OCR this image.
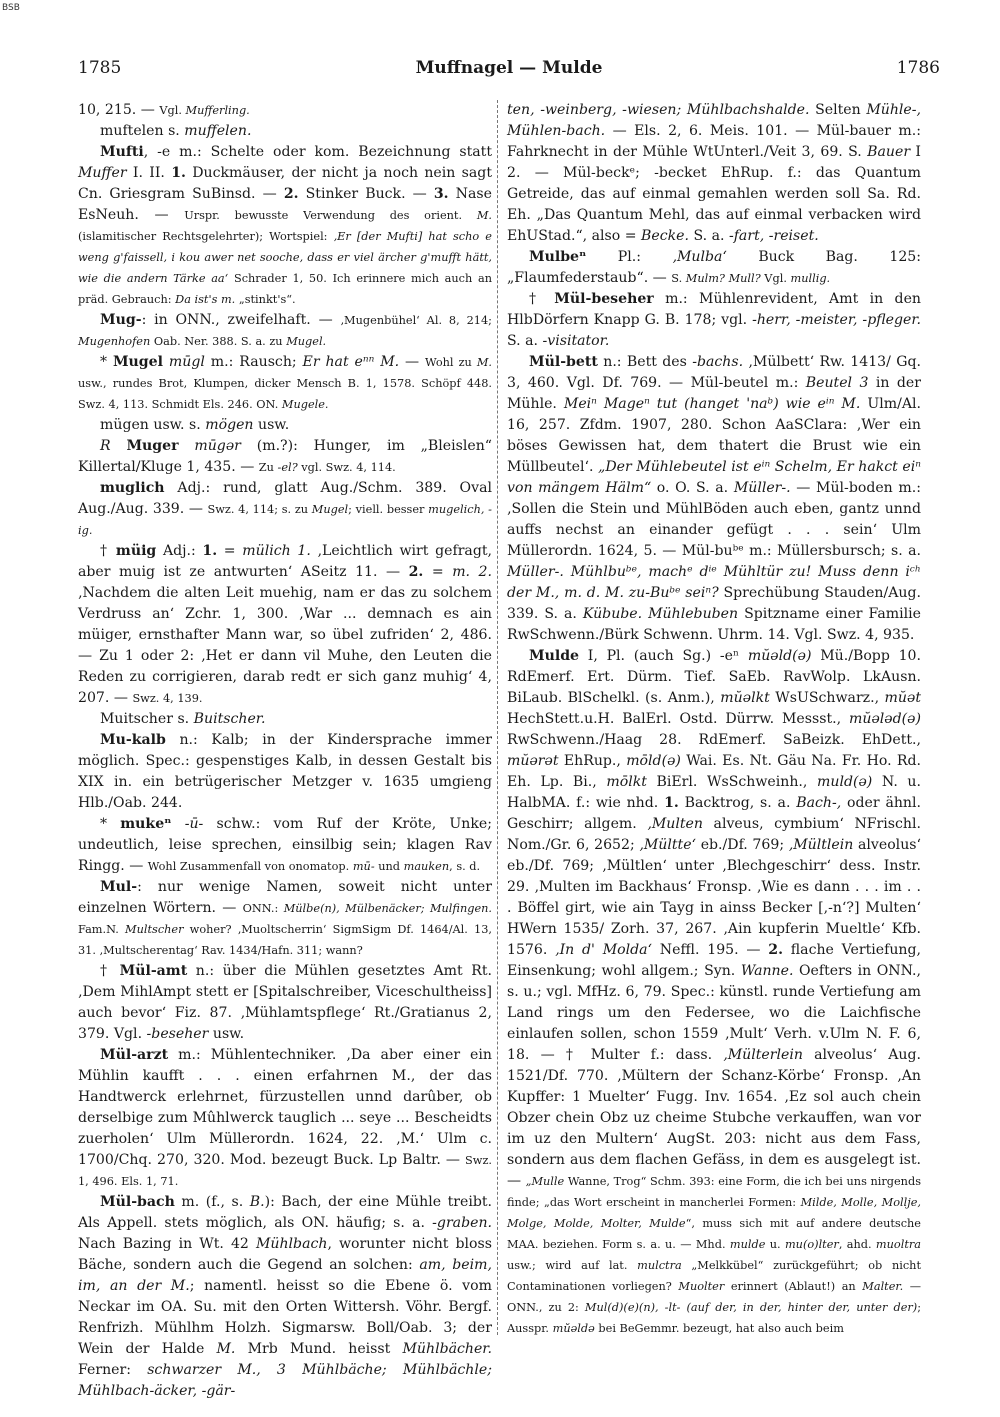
BSB
1785	Muffnagel — Mulde	1786

10, 215. — Vgl. Mufferling.

muftelen s. muffelen.

Mufti, -e m.: Schelte oder kom. Bezeichnung statt Muffer I. II. 1. Duckmäuser, der nicht ja noch nein sagt Cn. Griesgram SuBinsd. — 2. Stinker Buck. — 3. Nase EsNeuh. — Urspr. bewusste Verwendung des orient. M. (islamitischer Rechtsgelehrter); Wortspiel: ‚Er [der Mufti] hat scho e weng g'faissell, i kou awer net sooche, dass er viel ärcher g'mufft hätt, wie die andern Tärke aa‘ Schrader 1, 50. Ich erinnere mich auch an präd. Gebrauch: Da ist's m. „stinkt's“.

Mug-: in ONN., zweifelhaft. — ‚Mugenbühel‘ Al. 8, 214; Mugenhofen Oab. Ner. 388. S. a. zu Mugel.

* Mugel mūgl m.: Rausch; Er hat eⁿⁿ M. — Wohl zu M. usw., rundes Brot, Klumpen, dicker Mensch B. 1, 1578. Schöpf 448. Swz. 4, 113. Schmidt Els. 246. ON. Mugele.

mügen usw. s. mögen usw.

R Muger mūgər (m.?): Hunger, im „Bleislen“ Killertal/Kluge 1, 435. — Zu -el? vgl. Swz. 4, 114.

muglich Adj.: rund, glatt Aug./Schm. 389. Oval Aug./Aug. 339. — Swz. 4, 114; s. zu Mugel; viell. besser mugelich, -ig.

† müig Adj.: 1. = mülich 1. ‚Leichtlich wirt gefragt, aber muig ist ze antwurten‘ ASeitz 11. — 2. = m. 2. ‚Nachdem die alten Leit muehig, nam er das zu solchem Verdruss an‘ Zchr. 1, 300. ‚War ... demnach es ain müiger, ernsthafter Mann war, so übel zufriden‘ 2, 486. — Zu 1 oder 2: ‚Het er dann vil Muhe, den Leuten die Reden zu corrigieren, darab redt er sich ganz muhig‘ 4, 207. — Swz. 4, 139.

Muitscher s. Buitscher.

Mu-kalb n.: Kalb; in der Kindersprache immer möglich. Spec.: gespenstiges Kalb, in dessen Gestalt bis XIX in. ein betrügerischer Metzger v. 1635 umgieng Hlb./Oab. 244.

* mukeⁿ -ū- schw.: vom Ruf der Kröte, Unke; undeutlich, leise sprechen, einsilbig sein; klagen Rav Ringg. — Wohl Zusammenfall von onomatop. mū- und mauken, s. d.

Mul-: nur wenige Namen, soweit nicht unter einzelnen Wörtern. — ONN.: Mülbe(n), Mülbenäcker; Mulfingen. Fam.N. Multscher woher? ‚Muoltscherrin‘ SigmSigm Df. 1464/Al. 13, 31. ‚Multscherentag‘ Rav. 1434/Hafn. 311; wann?

† Mül-amt n.: über die Mühlen gesetztes Amt Rt. ‚Dem MihlAmpt stett er [Spitalschreiber, Viceschultheiss] auch bevor‘ Fiz. 87. ‚Mühlamtspflege‘ Rt./Gratianus 2, 379. Vgl. -beseher usw.

Mül-arzt m.: Mühlentechniker. ‚Da aber einer ein Mühlin kaufft . . . einen erfahrnen M., der das Handtwerck erlehrnet, fürzustellen unnd darûber, ob derselbige zum Mûhlwerck tauglich ... seye ... Bescheidts zuerholen‘ Ulm Müllerordn. 1624, 22. ‚M.‘ Ulm c. 1700/Chq. 270, 320. Mod. bezeugt Buck. Lp Baltr. — Swz. 1, 496. Els. 1, 71.

Mül-bach m. (f., s. B.): Bach, der eine Mühle treibt. Als Appell. stets möglich, als ON. häufig; s. a. -graben. Nach Bazing in Wt. 42 Mühlbach, worunter nicht bloss Bäche, sondern auch die Gegend an solchen: am, beim, im, an der M.; namentl. heisst so die Ebene ö. vom Neckar im OA. Su. mit den Orten Wittersh. Vöhr. Bergf. Renfrizh. Mühlhm Holzh. Sigmarsw. Boll/Oab. 3; der Wein der Halde M. Mrb Mund. heisst Mühlbächer. Ferner: schwarzer M., 3 Mühlbäche; Mühlbächle; Mühlbach-äcker, -gär-

ten, -weinberg, -wiesen; Mühlbachshalde. Selten Mühle-, Mühlen-bach. — Els. 2, 6. Meis. 101. — Mül-bauer m.: Fahrknecht in der Mühle WtUnterl./Veit 3, 69. S. Bauer I 2. — Mül-beckᵉ; -becket EhRup. f.: das Quantum Getreide, das auf einmal gemahlen werden soll Sa. Rd. Eh. „Das Quantum Mehl, das auf einmal verbacken wird EhUStad.“, also = Becke. S. a. -fart, -reiset.

Mulbeⁿ Pl.: ‚Mulba‘ Buck Bag. 125: „Flaumfederstaub“. — S. Mulm? Mull? Vgl. mullig.

† Mül-beseher m.: Mühlenrevident, Amt in den HlbDörfern Knapp G. B. 178; vgl. -herr, -meister, -pfleger. S. a. -visitator.

Mül-bett n.: Bett des -bachs. ‚Mülbett‘ Rw. 1413/ Gq. 3, 460. Vgl. Df. 769. — Mül-beutel m.: Beutel 3 in der Mühle. Meiⁿ Mageⁿ tut (hanget 'naᵇ) wie eⁱⁿ M. Ulm/Al. 16, 257. Zfdm. 1907, 280. Schon AaSClara: ‚Wer ein böses Gewissen hat, dem thatert die Brust wie ein Müllbeutel‘. „Der Mühlebeutel ist eⁱⁿ Schelm, Er hakct eiⁿ von mängem Hälm“ o. O. S. a. Müller-. — Mül-boden m.: ‚Sollen die Stein und MühlBöden auch eben, gantz unnd auffs nechst an einander gefügt . . . sein‘ Ulm Müllerordn. 1624, 5. — Mül-buᵇᵉ m.: Müllersbursch; s. a. Müller-. Mühlbuᵇᵉ, machᵉ dⁱᵉ Mühltür zu! Muss denn iᶜʰ der M., m. d. M. zu-Buᵇᵉ seiⁿ? Sprechübung Stauden/Aug. 339. S. a. Kübube. Mühlebuben Spitzname einer Familie RwSchwenn./Bürk Schwenn. Uhrm. 14. Vgl. Swz. 4, 935.

Mulde I, Pl. (auch Sg.) -eⁿ mŭəld(ə) Mü./Bopp 10. RdEmerf. Ert. Dürm. Tief. SaEb. RavWolp. LkAusn. BiLaub. BlSchelkl. (s. Anm.), mŭəlkt WsUSchwarz., mŭət HechStett.u.H. BalErl. Ostd. Dürrw. Messst., mŭələd(ə) RwSchwenn./Haag 28. RdEmerf. SaBeizk. EhDett., mŭərət EhRup., mōld(ə) Wai. Es. Nt. Gäu Na. Fr. Ho. Rd. Eh. Lp. Bi., mōlkt BiErl. WsSchweinh., muld(ə) N. u. HalbMA. f.: wie nhd. 1. Backtrog, s. a. Bach-, oder ähnl. Geschirr; allgem. ‚Multen alveus, cymbium‘ NFrischl. Nom./Gr. 6, 2652; ‚Mültte‘ eb./Df. 769; ‚Mültlein alveolus‘ eb./Df. 769; ‚Mültlen‘ unter ‚Blechgeschirr‘ dess. Instr. 29. ‚Multen im Backhaus‘ Fronsp. ‚Wie es dann . . . im . . . Böffel girt, wie ain Tayg in ainss Becker [,-n‘?] Multen‘ HWern 1535/ Zorh. 37, 267. ‚Ain kupferin Mueltle‘ Kfb. 1576. ‚In d' Molda‘ Neffl. 195. — 2. flache Vertiefung, Einsenkung; wohl allgem.; Syn. Wanne. Oefters in ONN., s. u.; vgl. MfHz. 6, 79. Spec.: künstl. runde Vertiefung am Land rings um den Federsee, wo die Laichfische einlaufen sollen, schon 1559 ‚Mult‘ Verh. v.Ulm N. F. 6, 18. — † Multer f.: dass. ‚Mülterlein alveolus‘ Aug. 1521/Df. 770. ‚Mültern der Schanz-Körbe‘ Fronsp. ‚An Kupffer: 1 Muelter‘ Fugg. Inv. 1654. ‚Ez sol auch chein Obzer chein Obz uz cheime Stubche verkauffen, wan vor im uz den Multern‘ AugSt. 203: nicht aus dem Fass, sondern aus dem flachen Gefäss, in dem es ausgelegt ist. — „Mulle Wanne, Trog“ Schm. 393: eine Form, die ich bei uns nirgends finde; „das Wort erscheint in mancherlei Formen: Milde, Molle, Mollje, Molge, Molde, Molter, Mulde“, muss sich mit auf andere deutsche MAA. beziehen. Form s. a. u. — Mhd. mulde u. mu(o)lter, ahd. muoltra usw.; wird auf lat. mulctra „Melkkübel“ zurückgeführt; ob nicht Contaminationen vorliegen? Muolter erinnert (Ablaut!) an Malter. — ONN., zu 2: Mul(d)(e)(n), -lt- (auf der, in der, hinter der, unter der); Ausspr. mŭəldə bei BeGemmr. bezeugt, hat also auch beim
